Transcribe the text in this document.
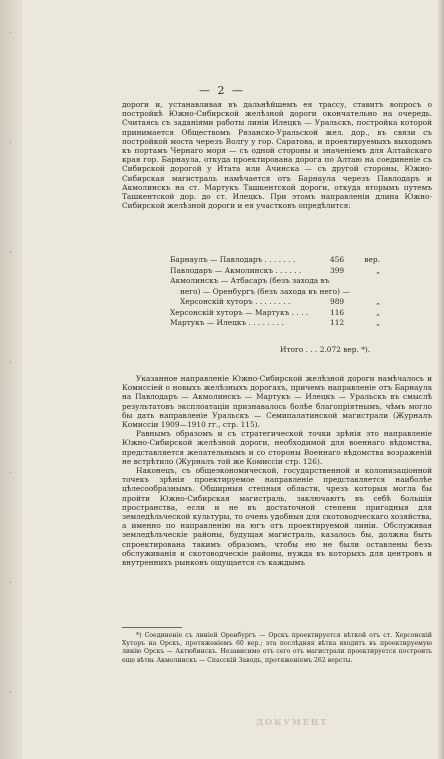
•
•
•
•
•
•
•
— 2 —
дороги и, устанавливая въ дальнѣйшемъ ея трассу, ставитъ вопросъ о постройкѣ Южно-Сибирской желѣзной дороги окончательно на очередь. Считаясь съ заданіями работы линіи Илецкъ — Уральскъ, постройка которой принимается Обществомъ Рязанско-Уральской жел. дор., въ связи съ постройкой моста черезъ Волгу у гор. Саратова, и проектируемыхъ выходомъ къ портамъ Чернаго моря — съ одной стороны и значеніемъ для Алтайскаго края гор. Барнаула, откуда проектирована дорога по Алтаю на соединеніе съ Сибирской дорогой у Итата или Ачинска — съ другой стороны, Южно-Сибирская магистраль намѣчается отъ Барнаула черезъ Павлодаръ и Акмолинскъ на ст. Мартукъ Ташкентской дороги, откуда вторымъ путемъ Ташкентской дор. до ст. Илецкъ. При этомъ направленіи длина Южно-Сибирской желѣзной дороги и ея участковъ опредѣлится:
Барнаулъ — Павлодаръ . . . . . . .	456	вер.
Павлодаръ — Акмолинскъ . . . . . .	399	„
Акмолинскъ — Атбасаръ (безъ захода въ
него) — Оренбургъ (безъ захода въ него) —
Херсонскій хуторъ . . . . . . . .	989	„
Херсонскій хуторъ — Мартукъ . . . .	116	„
Мартукъ — Илецкъ . . . . . . . .	112	„
Итого . . . 2.072 вер. *).
Указанное направленіе Южно-Сибирской желѣзной дороги намѣчалось и Комиссіей о новыхъ желѣзныхъ дорогахъ, причемъ направленіе отъ Барнаула на Павлодаръ — Акмолинскъ — Мартукъ — Илецкъ — Уральскъ въ смыслѣ результатовъ эксплоатаціи признавалось болѣе благопріятнымъ, чѣмъ могло бы дать направленіе Уральскъ — Семипалатинской магистрали (Журналъ Комиссіи 1909—1910 гг., стр. 115).
Равнымъ образомъ и съ стратегической точки зрѣнія это направленіе Южно-Сибирской желѣзной дороги, необходимой для военнаго вѣдомства, представляется желательнымъ и со стороны Военнаго вѣдомства возраженій не встрѣтило (Журналъ той же Комиссіи стр. 126).
Наконецъ, съ общеэкономической, государственной и колонизаціонной точекъ зрѣнія проектируемое направленіе представляется наиболѣе цѣлесообразнымъ. Обширныя степныя области, чрезъ которыя могла бы пройти Южно-Сибирская магистраль, заключаютъ въ себѣ большія пространства, если и не въ достаточной степени пригодныя для земледѣльческой культуры, то очень удобныя для скотоводческаго хозяйства, а именно по направленію на югъ отъ проектируемой линіи. Обслуживая земледѣльческіе районы, будущая магистраль, казалось бы, должна быть спроектирована такимъ образомъ, чтобы ею не были оставлены безъ обслуживанія и скотоводческіе районы, нужда въ которыхъ для центровъ и внутреннихъ рынковъ ощущается съ каждымъ
*) Соединеніе съ линіей Оренбургъ — Орскъ проектируется вѣткой отъ ст. Херсонскій Хуторъ на Орскъ, протяженіемъ 60 вер.; эта послѣдняя вѣтка входитъ въ проектируемую линію Орскъ — Актюбинскъ. Независимо отъ сего отъ магистрали проектируется построить еще вѣтвь Акмолинскъ — Спасскій Заводъ, протяженіемъ 262 версты.
ДОКУМЕНТ
